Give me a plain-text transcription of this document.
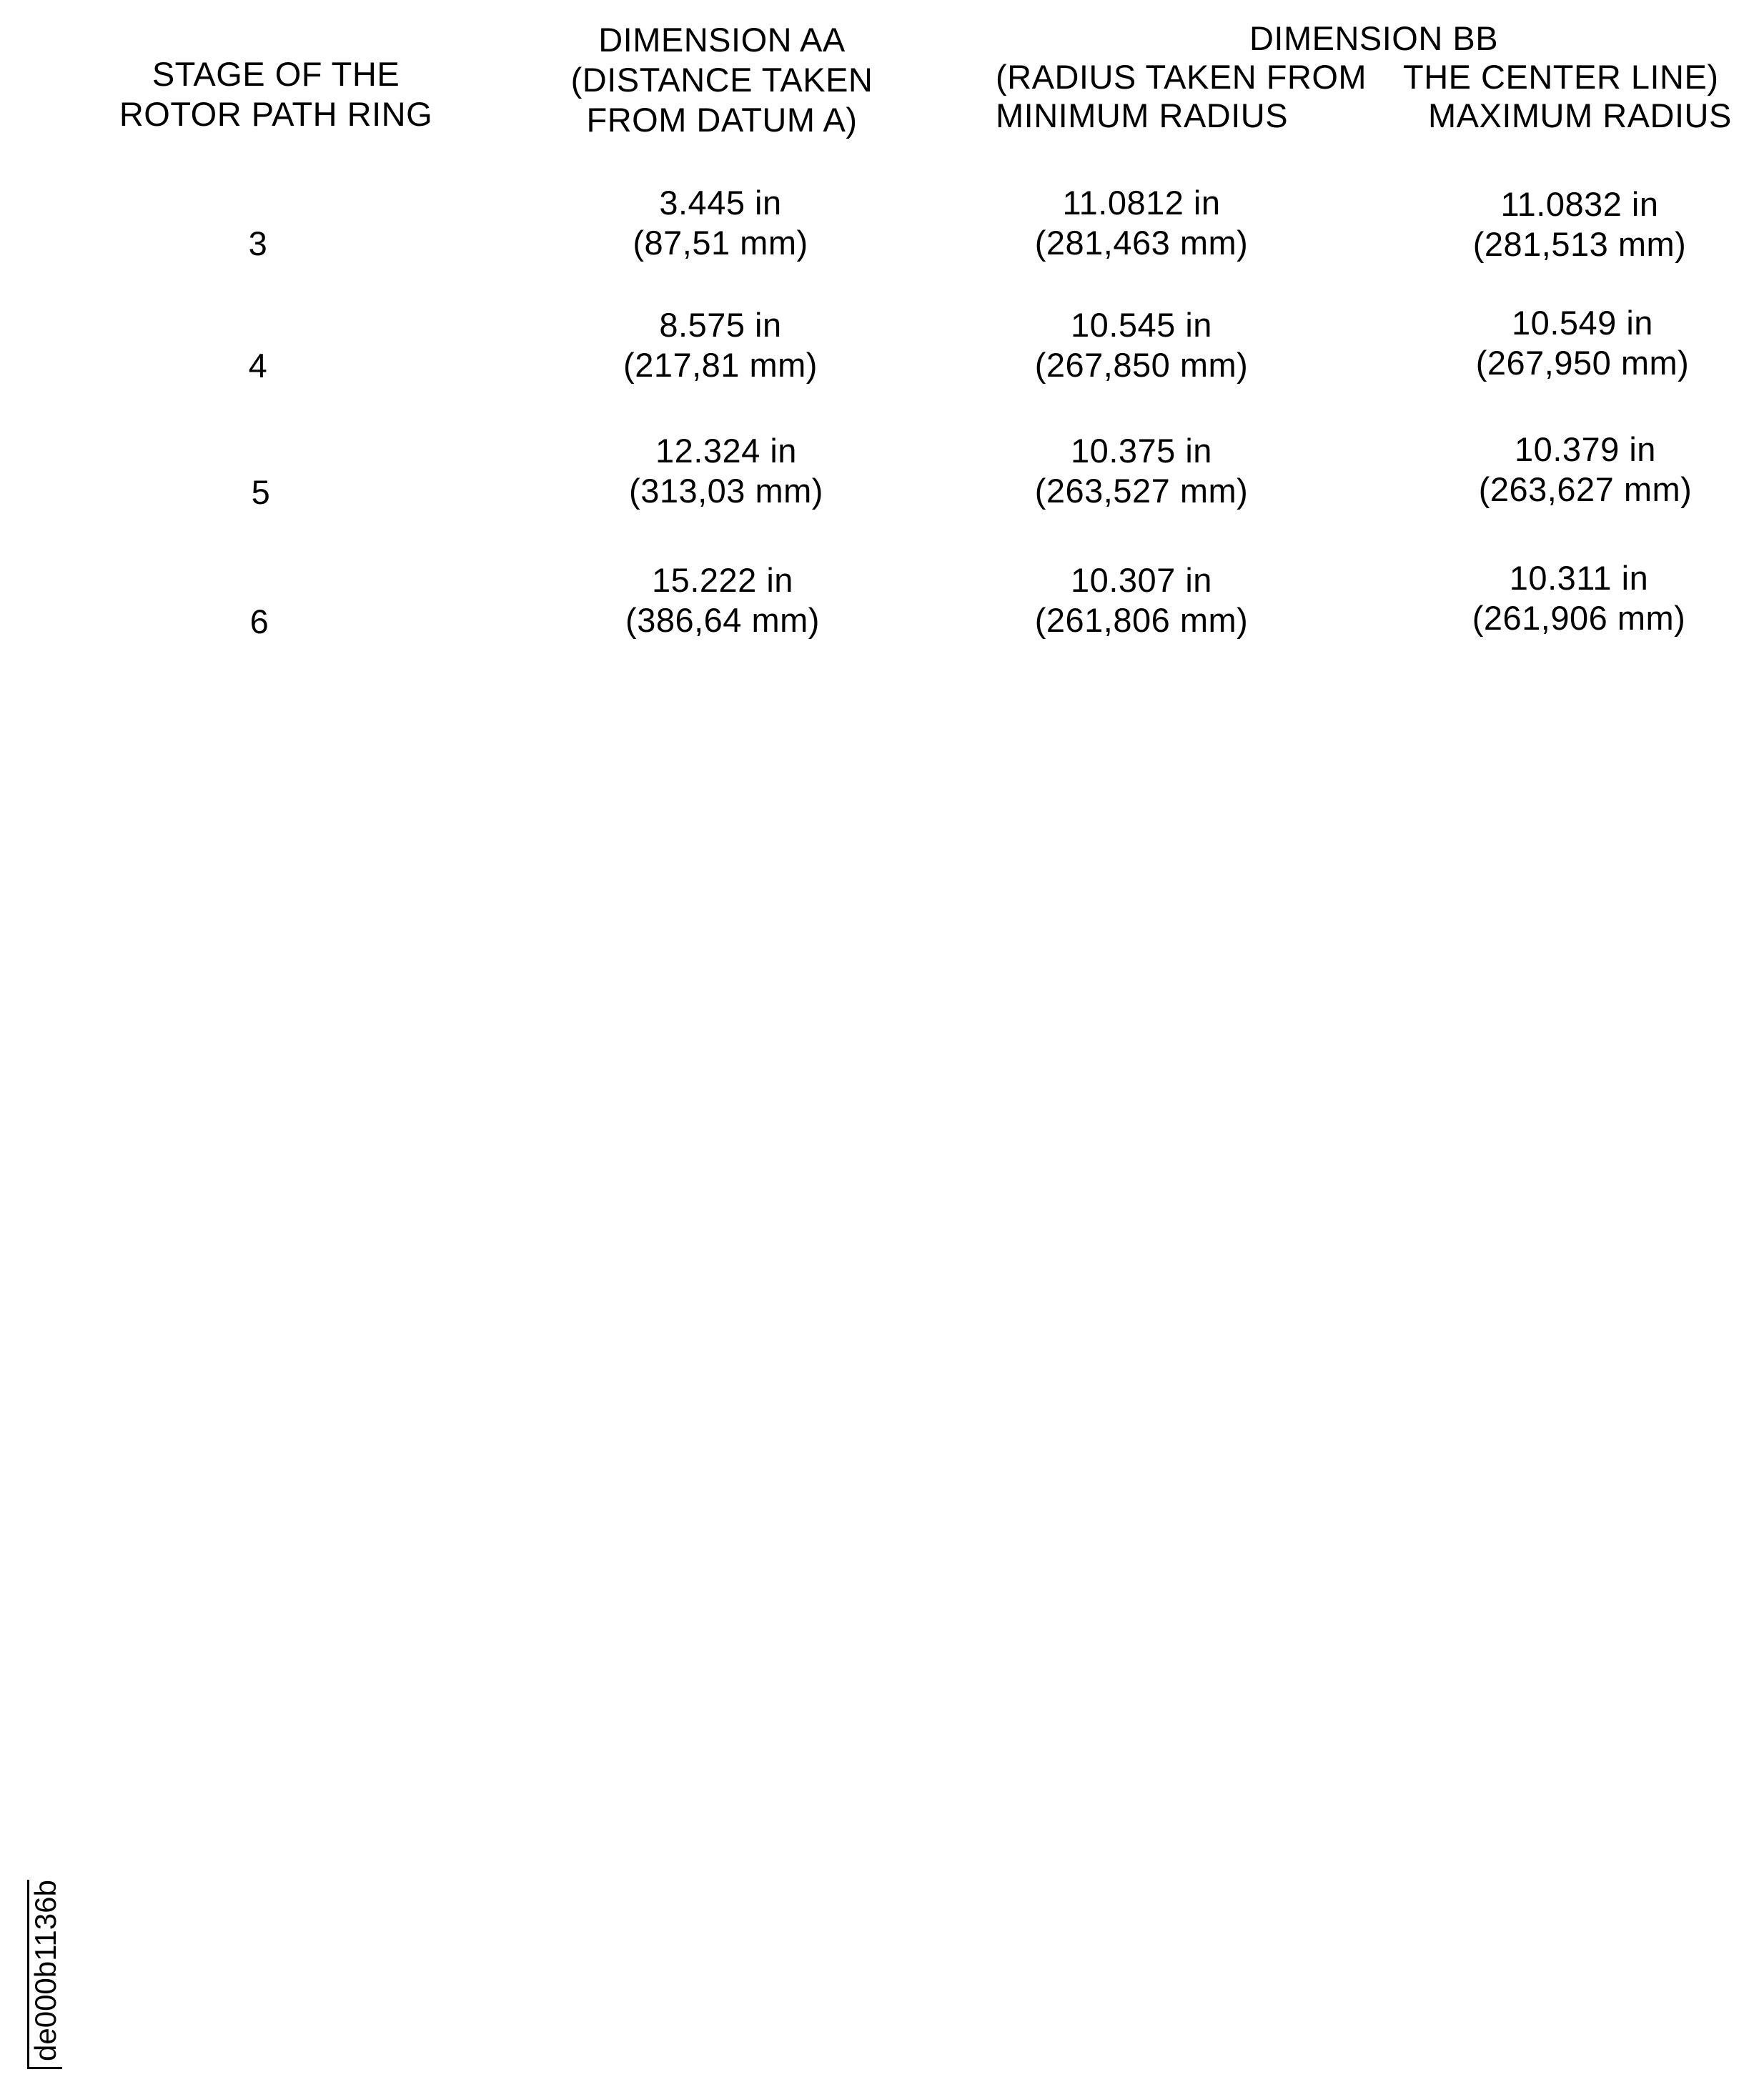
STAGE OF THE
ROTOR PATH RING
DIMENSION AA
(DISTANCE TAKEN
FROM DATUM A)
DIMENSION BB
(RADIUS TAKEN FROM THE CENTER LINE)
MINIMUM RADIUS	MAXIMUM RADIUS
3
3.445 in
(87,51 mm)
11.0812 in
(281,463 mm)
11.0832 in
(281,513 mm)
4
8.575 in
(217,81 mm)
10.545 in
(267,850 mm)
10.549 in
(267,950 mm)
5
12.324 in
(313,03 mm)
10.375 in
(263,527 mm)
10.379 in
(263,627 mm)
6
15.222 in
(386,64 mm)
10.307 in
(261,806 mm)
10.311 in
(261,906 mm)
de000b1136b
